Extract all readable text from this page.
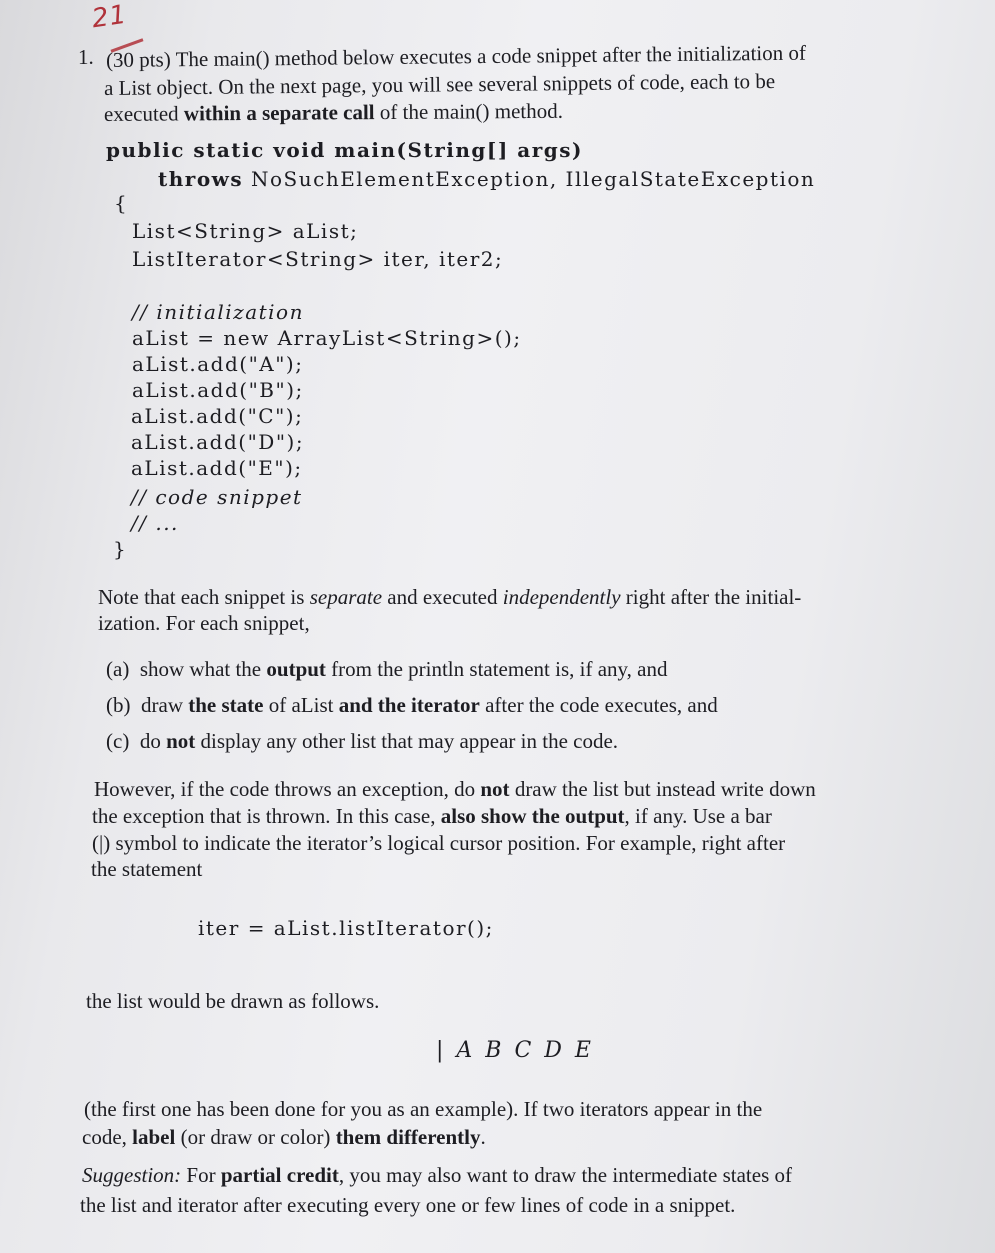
21
1. (30 pts) The main() method below executes a code snippet after the initialization of
a List object. On the next page, you will see several snippets of code, each to be
executed within a separate call of the main() method.
public static void main(String[] args)
throws NoSuchElementException, IllegalStateException
{
List<String> aList;
ListIterator<String> iter, iter2;
// initialization
aList = new ArrayList<String>();
aList.add("A");
aList.add("B");
aList.add("C");
aList.add("D");
aList.add("E");
// code snippet
// ...
}
Note that each snippet is separate and executed independently right after the initial-
ization. For each snippet,
(a) show what the output from the println statement is, if any, and
(b) draw the state of aList and the iterator after the code executes, and
(c) do not display any other list that may appear in the code.
However, if the code throws an exception, do not draw the list but instead write down
the exception that is thrown. In this case, also show the output, if any. Use a bar
(|) symbol to indicate the iterator’s logical cursor position. For example, right after
the statement
iter = aList.listIterator();
the list would be drawn as follows.
| A B C D E
(the first one has been done for you as an example). If two iterators appear in the
code, label (or draw or color) them differently.
Suggestion: For partial credit, you may also want to draw the intermediate states of
the list and iterator after executing every one or few lines of code in a snippet.
